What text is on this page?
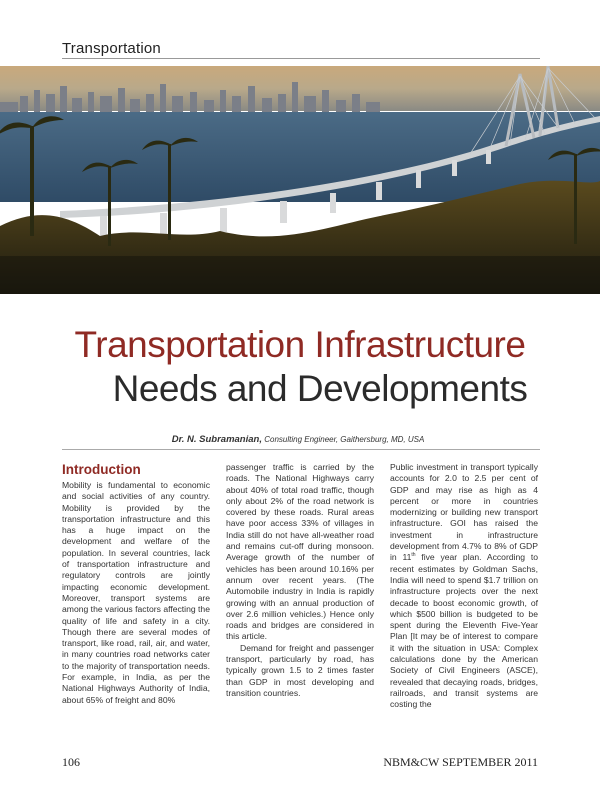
Transportation
Transportation Infrastructure
Needs and Developments
Dr. N. Subramanian, Consulting Engineer, Gaithersburg, MD, USA
Introduction

Mobility is fundamental to economic and social activities of any country. Mobility is provided by the transportation infrastructure and this has a huge impact on the development and welfare of the population. In several countries, lack of transportation infrastructure and regulatory controls are jointly impacting economic development. Moreover, transport systems are among the various factors affecting the quality of life and safety in a city. Though there are several modes of transport, like road, rail, air, and water, in many countries road networks cater to the majority of transportation needs. For example, in India, as per the National Highways Authority of India, about 65% of freight and 80%

passenger traffic is carried by the roads. The National Highways carry about 40% of total road traffic, though only about 2% of the road network is covered by these roads. Rural areas have poor access 33% of villages in India still do not have all-weather road and remains cut-off during monsoon. Average growth of the number of vehicles has been around 10.16% per annum over recent years. (The Automobile industry in India is rapidly growing with an annual production of over 2.6 million vehicles.) Hence only roads and bridges are considered in this article.

Demand for freight and passenger transport, particularly by road, has typically grown 1.5 to 2 times faster than GDP in most developing and transition countries.

Public investment in transport typically accounts for 2.0 to 2.5 per cent of GDP and may rise as high as 4 percent or more in countries modernizing or building new transport infrastructure. GOI has raised the investment in infrastructure development from 4.7% to 8% of GDP in 11th five year plan. According to recent estimates by Goldman Sachs, India will need to spend $1.7 trillion on infrastructure projects over the next decade to boost economic growth, of which $500 billion is budgeted to be spent during the Eleventh Five-Year Plan [It may be of interest to compare it with the situation in USA: Complex calculations done by the American Society of Civil Engineers (ASCE), revealed that decaying roads, bridges, railroads, and transit systems are costing the

106	NBM&CW SEPTEMBER 2011
